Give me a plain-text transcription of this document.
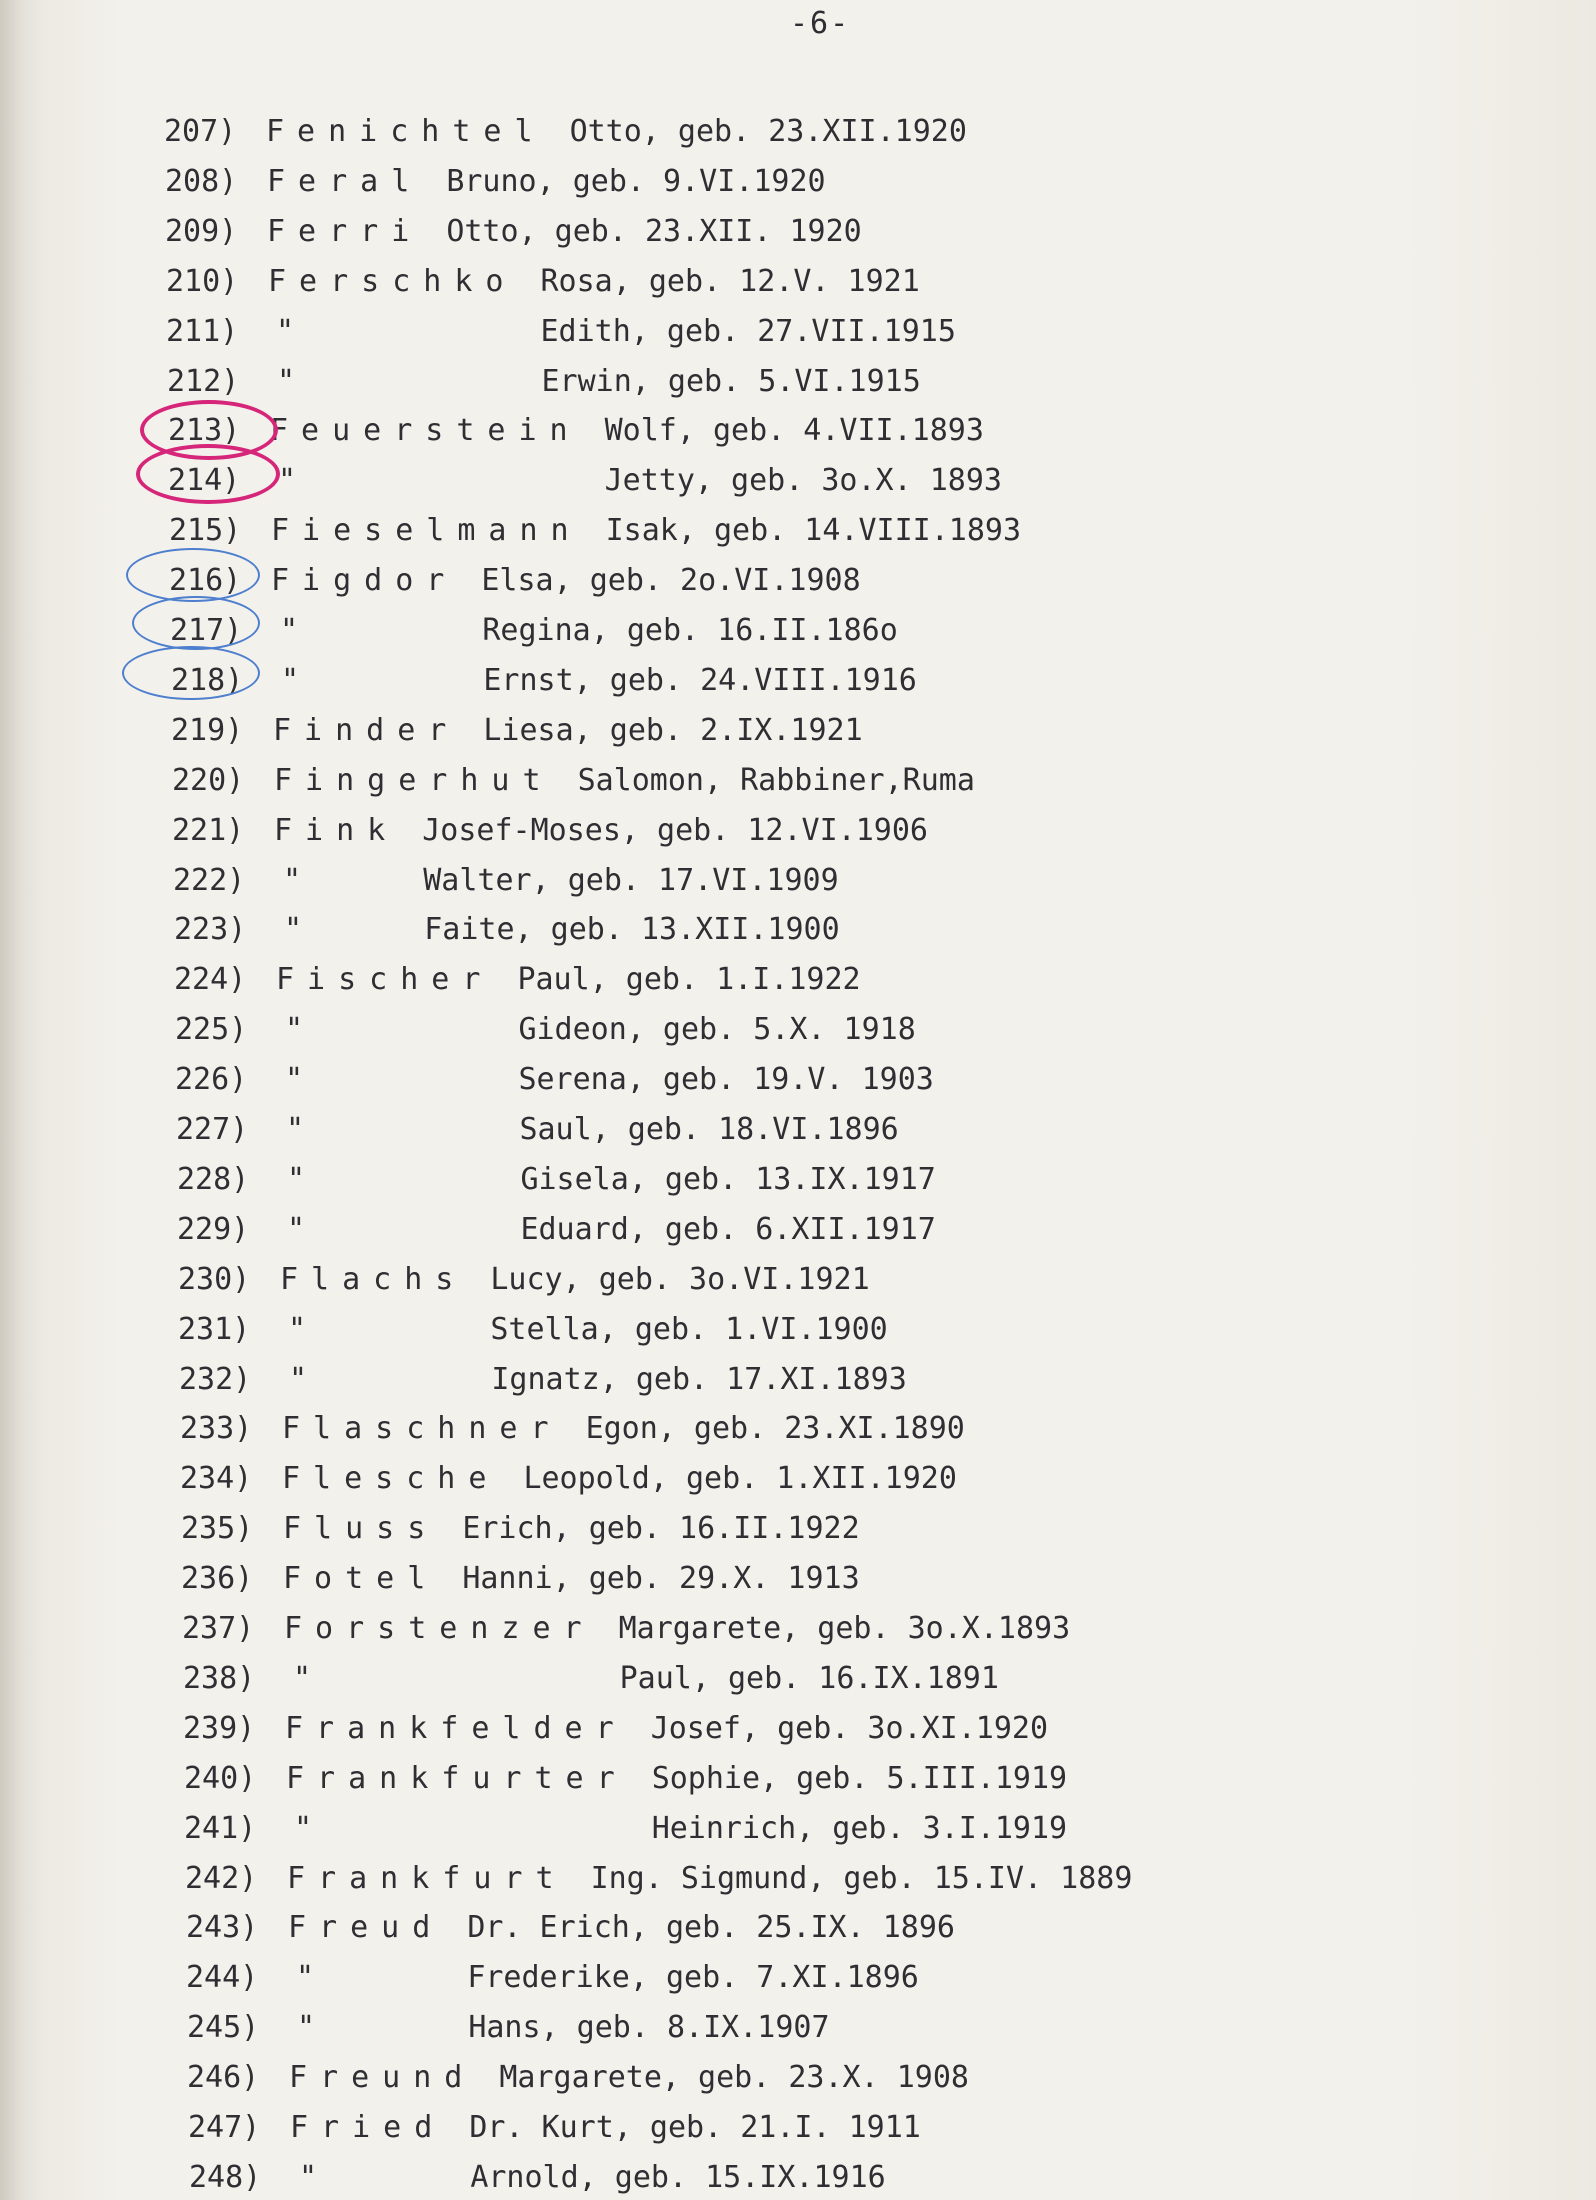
-6-
207) Fenichtel Otto, geb. 23.XII.1920
208) Feral Bruno, geb. 9.VI.1920
209) Ferri Otto, geb. 23.XII. 1920
210) Ferschko Rosa, geb. 12.V. 1921
211) "	Edith, geb. 27.VII.1915
212) "	Erwin, geb. 5.VI.1915
213) Feuerstein Wolf, geb. 4.VII.1893
214) "	Jetty, geb. 3o.X. 1893
215) Fieselmann Isak, geb. 14.VIII.1893
216) Figdor Elsa, geb. 2o.VI.1908
217) "	Regina, geb. 16.II.186o
218) "	Ernst, geb. 24.VIII.1916
219) Finder Liesa, geb. 2.IX.1921
220) Fingerhut Salomon, Rabbiner,Ruma
221) Fink Josef-Moses, geb. 12.VI.1906
222) "	Walter, geb. 17.VI.1909
223) "	Faite, geb. 13.XII.1900
224) Fischer Paul, geb. 1.I.1922
225) "	Gideon, geb. 5.X. 1918
226) "	Serena, geb. 19.V. 1903
227) "	Saul, geb. 18.VI.1896
228) "	Gisela, geb. 13.IX.1917
229) "	Eduard, geb. 6.XII.1917
230) Flachs Lucy, geb. 3o.VI.1921
231) "	Stella, geb. 1.VI.1900
232) "	Ignatz, geb. 17.XI.1893
233) Flaschner Egon, geb. 23.XI.1890
234) Flesche Leopold, geb. 1.XII.1920
235) Fluss Erich, geb. 16.II.1922
236) Fotel Hanni, geb. 29.X. 1913
237) Forstenzer Margarete, geb. 3o.X.1893
238) "	Paul, geb. 16.IX.1891
239) Frankfelder Josef, geb. 3o.XI.1920
240) Frankfurter Sophie, geb. 5.III.1919
241) "	Heinrich, geb. 3.I.1919
242) Frankfurt Ing. Sigmund, geb. 15.IV. 1889
243) Freud Dr. Erich, geb. 25.IX. 1896
244) "	Frederike, geb. 7.XI.1896
245) "	Hans, geb. 8.IX.1907
246) Freund Margarete, geb. 23.X. 1908
247) Fried Dr. Kurt, geb. 21.I. 1911
248) "	Arnold, geb. 15.IX.1916
